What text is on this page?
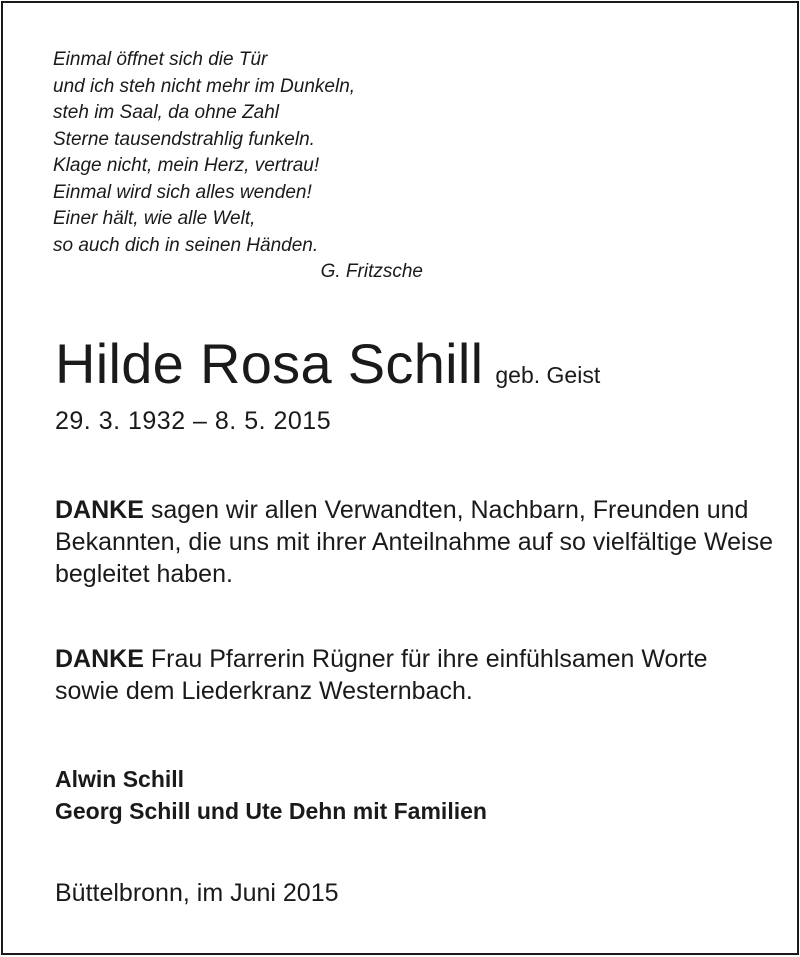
Einmal öffnet sich die Tür
und ich steh nicht mehr im Dunkeln,
steh im Saal, da ohne Zahl
Sterne tausendstrahlig funkeln.
Klage nicht, mein Herz, vertrau!
Einmal wird sich alles wenden!
Einer hält, wie alle Welt,
so auch dich in seinen Händen.
G. Fritzsche
Hilde Rosa Schill geb. Geist
29. 3. 1932 – 8. 5. 2015
DANKE sagen wir allen Verwandten, Nachbarn, Freunden und Bekannten, die uns mit ihrer Anteilnahme auf so vielfältige Weise begleitet haben.
DANKE Frau Pfarrerin Rügner für ihre einfühlsamen Worte sowie dem Liederkranz Westernbach.
Alwin Schill
Georg Schill und Ute Dehn mit Familien
Büttelbronn, im Juni 2015
